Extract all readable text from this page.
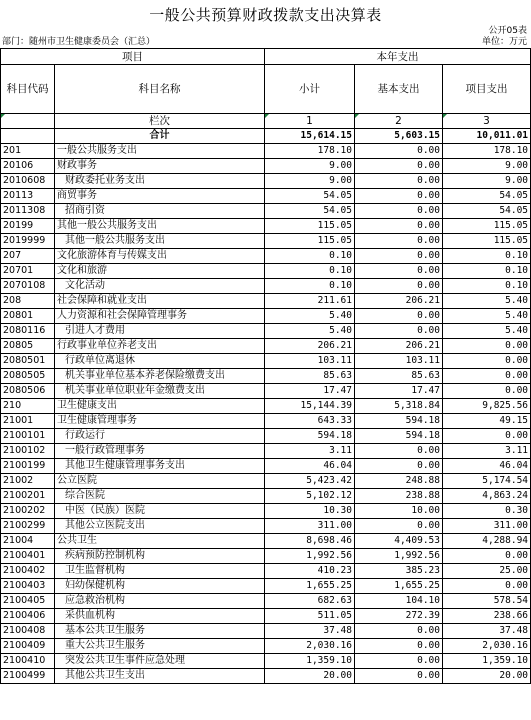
一般公共预算财政拨款支出决算表
公开05表
部门：随州市卫生健康委员会（汇总）	单位：万元
项目		本年支出		
科目代码	科目名称	小计	基本支出	项目支出
	栏次	1	2	3
	合计	15,614.15	5,603.15	10,011.01
201	一般公共服务支出	178.10	0.00	178.10
20106	财政事务	9.00	0.00	9.00
2010608	财政委托业务支出	9.00	0.00	9.00
20113	商贸事务	54.05	0.00	54.05
2011308	招商引资	54.05	0.00	54.05
20199	其他一般公共服务支出	115.05	0.00	115.05
2019999	其他一般公共服务支出	115.05	0.00	115.05
207	文化旅游体育与传媒支出	0.10	0.00	0.10
20701	文化和旅游	0.10	0.00	0.10
2070108	文化活动	0.10	0.00	0.10
208	社会保障和就业支出	211.61	206.21	5.40
20801	人力资源和社会保障管理事务	5.40	0.00	5.40
2080116	引进人才费用	5.40	0.00	5.40
20805	行政事业单位养老支出	206.21	206.21	0.00
2080501	行政单位离退休	103.11	103.11	0.00
2080505	机关事业单位基本养老保险缴费支出	85.63	85.63	0.00
2080506	机关事业单位职业年金缴费支出	17.47	17.47	0.00
210	卫生健康支出	15,144.39	5,318.84	9,825.56
21001	卫生健康管理事务	643.33	594.18	49.15
2100101	行政运行	594.18	594.18	0.00
2100102	一般行政管理事务	3.11	0.00	3.11
2100199	其他卫生健康管理事务支出	46.04	0.00	46.04
21002	公立医院	5,423.42	248.88	5,174.54
2100201	综合医院	5,102.12	238.88	4,863.24
2100202	中医（民族）医院	10.30	10.00	0.30
2100299	其他公立医院支出	311.00	0.00	311.00
21004	公共卫生	8,698.46	4,409.53	4,288.94
2100401	疾病预防控制机构	1,992.56	1,992.56	0.00
2100402	卫生监督机构	410.23	385.23	25.00
2100403	妇幼保健机构	1,655.25	1,655.25	0.00
2100405	应急救治机构	682.63	104.10	578.54
2100406	采供血机构	511.05	272.39	238.66
2100408	基本公共卫生服务	37.48	0.00	37.48
2100409	重大公共卫生服务	2,030.16	0.00	2,030.16
2100410	突发公共卫生事件应急处理	1,359.10	0.00	1,359.10
2100499	其他公共卫生支出	20.00	0.00	20.00
